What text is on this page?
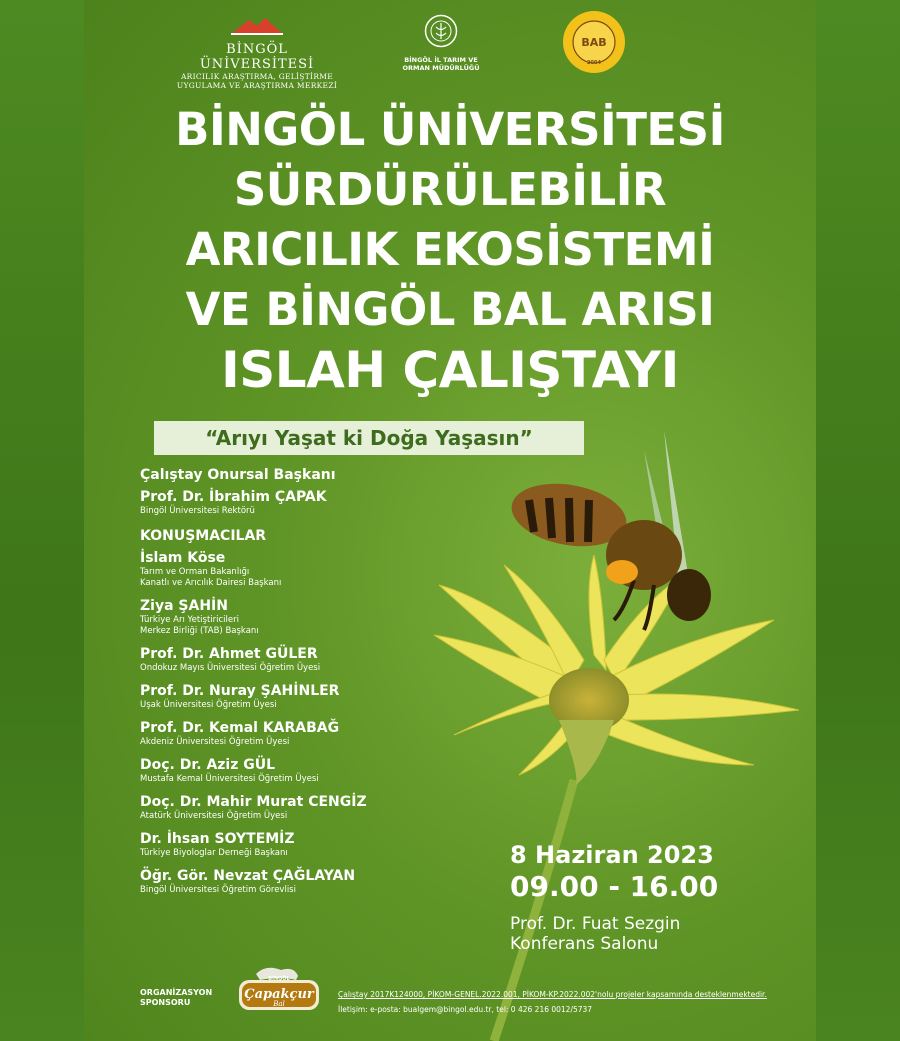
BİNGÖL ÜNİVERSİTESİ
ARICILIK ARAŞTIRMA, GELİŞTİRME
UYGULAMA VE ARAŞTIRMA MERKEZİ
BİNGÖL İL TARIM VE
ORMAN MÜDÜRLÜĞÜ
BAB
2004
BİNGÖL ÜNİVERSİTESİ
SÜRDÜRÜLEBİLİR
ARICILIK EKOSİSTEMİ
VE BİNGÖL BAL ARISI
ISLAH ÇALIŞTAYI
“Arıyı Yaşat ki Doğa Yaşasın”
Çalıştay Onursal Başkanı
Prof. Dr. İbrahim ÇAPAK
Bingöl Üniversitesi Rektörü
KONUŞMACILAR
İslam Köse
Tarım ve Orman Bakanlığı
Kanatlı ve Arıcılık Dairesi Başkanı
Ziya ŞAHİN
Türkiye Arı Yetiştiricileri
Merkez Birliği (TAB) Başkanı
Prof. Dr. Ahmet GÜLER
Ondokuz Mayıs Üniversitesi Öğretim Üyesi
Prof. Dr. Nuray ŞAHİNLER
Uşak Üniversitesi Öğretim Üyesi
Prof. Dr. Kemal KARABAĞ
Akdeniz Üniversitesi Öğretim Üyesi
Doç. Dr. Aziz GÜL
Mustafa Kemal Üniversitesi Öğretim Üyesi
Doç. Dr. Mahir Murat CENGİZ
Atatürk Üniversitesi Öğretim Üyesi
Dr. İhsan SOYTEMİZ
Türkiye Biyologlar Derneği Başkanı
Öğr. Gör. Nevzat ÇAĞLAYAN
Bingöl Üniversitesi Öğretim Görevlisi
8 Haziran 2023
09.00 - 16.00
Prof. Dr. Fuat Sezgin
Konferans Salonu
ORGANİZASYON
SPONSORU
BİNGÖL
Çapakçur
Bal
Çalıştay 2017K124000, PİKOM-GENEL.2022.001, PİKOM-KP.2022.002'nolu projeler kapsamında desteklenmektedir.
İletişim: e-posta: bualgem@bingol.edu.tr, tel: 0 426 216 0012/5737
